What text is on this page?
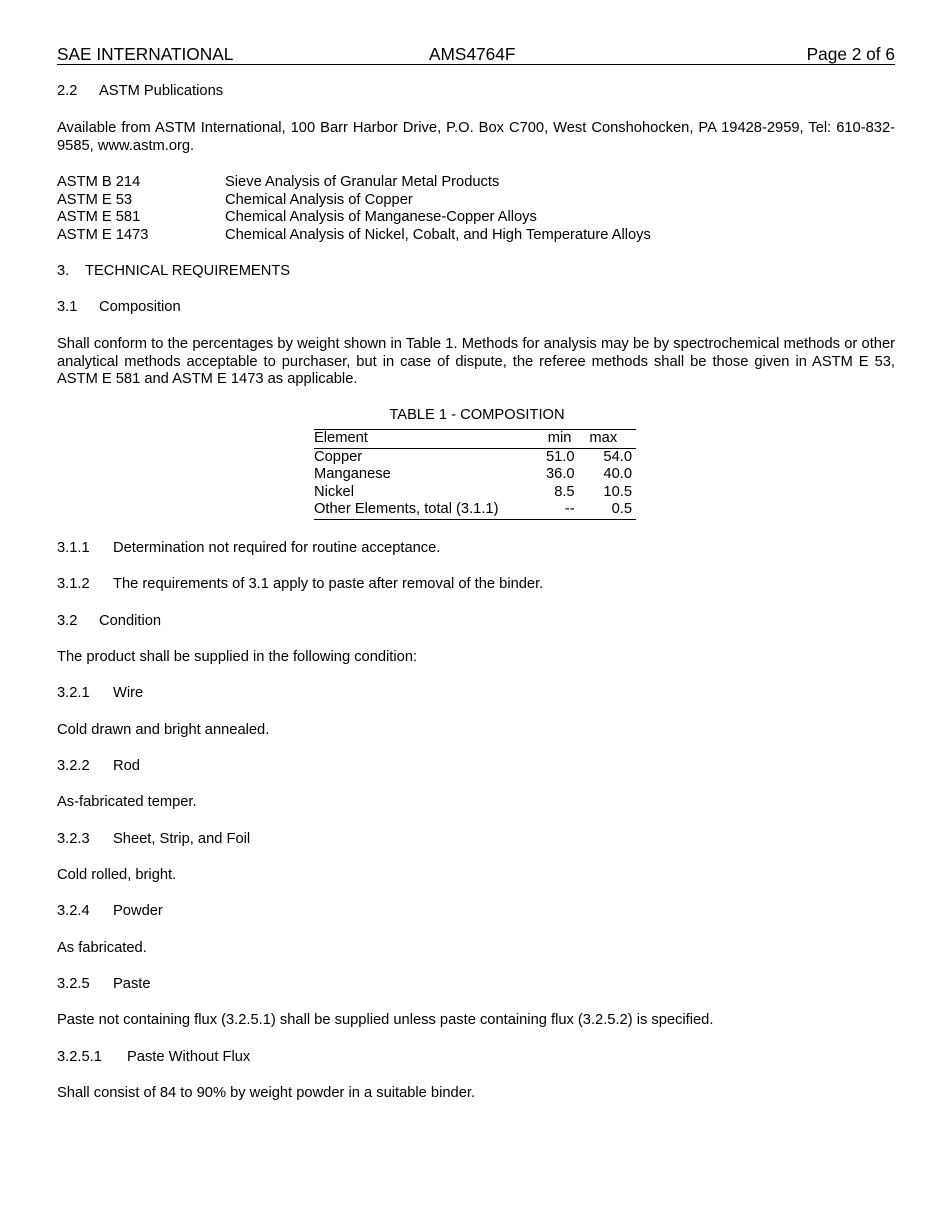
SAE INTERNATIONAL	AMS4764F	Page 2 of 6
2.2 ASTM Publications
Available from ASTM International, 100 Barr Harbor Drive, P.O. Box C700, West Conshohocken, PA 19428-2959, Tel: 610-832-9585, www.astm.org.
ASTM B 214	Sieve Analysis of Granular Metal Products
ASTM E 53	Chemical Analysis of Copper
ASTM E 581	Chemical Analysis of Manganese-Copper Alloys
ASTM E 1473	Chemical Analysis of Nickel, Cobalt, and High Temperature Alloys
3. TECHNICAL REQUIREMENTS
3.1 Composition
Shall conform to the percentages by weight shown in Table 1. Methods for analysis may be by spectrochemical methods or other analytical methods acceptable to purchaser, but in case of dispute, the referee methods shall be those given in ASTM E 53, ASTM E 581 and ASTM E 1473 as applicable.
TABLE 1 - COMPOSITION
Element	min	max
Copper	51.0	54.0
Manganese	36.0	40.0
Nickel	8.5	10.5
Other Elements, total (3.1.1)	--	0.5
3.1.1 Determination not required for routine acceptance.
3.1.2 The requirements of 3.1 apply to paste after removal of the binder.
3.2 Condition
The product shall be supplied in the following condition:
3.2.1 Wire
Cold drawn and bright annealed.
3.2.2 Rod
As-fabricated temper.
3.2.3 Sheet, Strip, and Foil
Cold rolled, bright.
3.2.4 Powder
As fabricated.
3.2.5 Paste
Paste not containing flux (3.2.5.1) shall be supplied unless paste containing flux (3.2.5.2) is specified.
3.2.5.1 Paste Without Flux
Shall consist of 84 to 90% by weight powder in a suitable binder.
